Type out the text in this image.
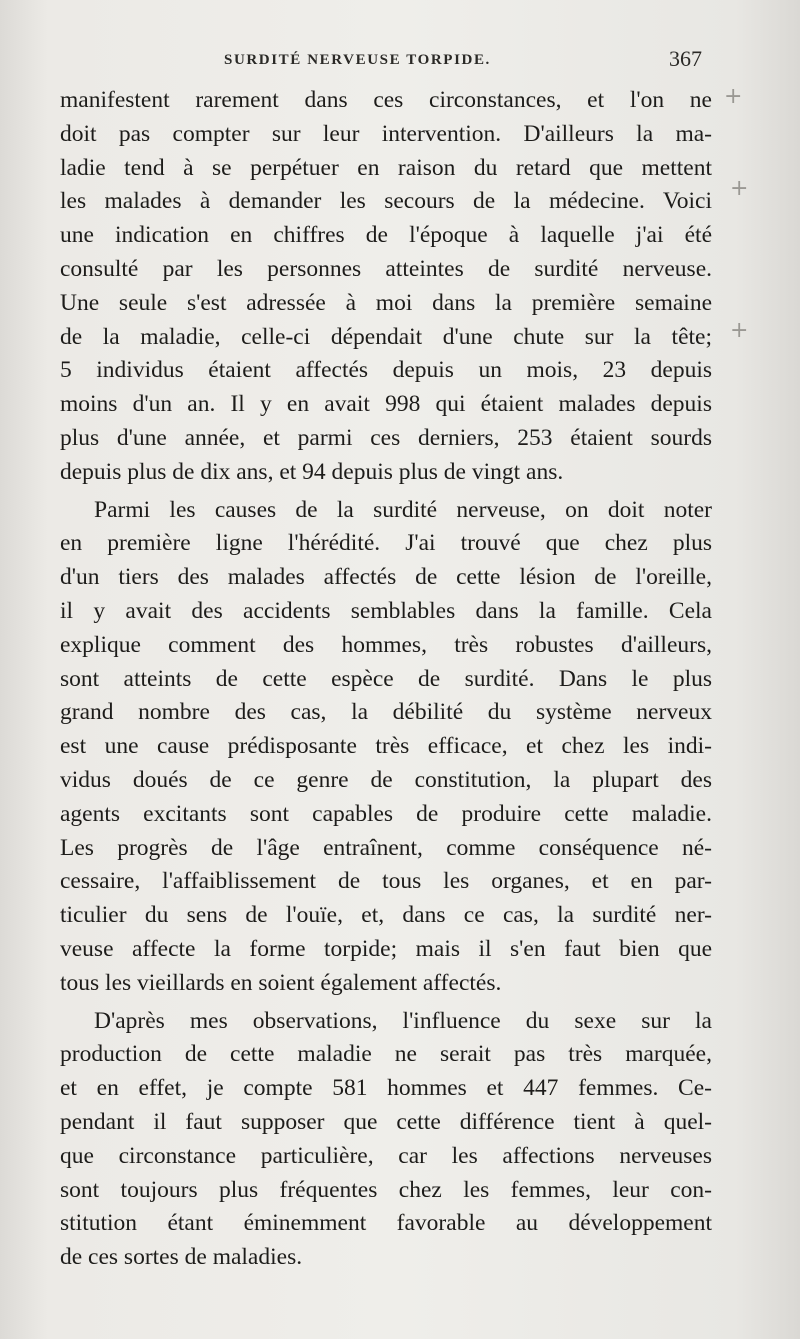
SURDITÉ NERVEUSE TORPIDE.	367
+
+
+
manifestent rarement dans ces circonstances, et l'on ne
doit pas compter sur leur intervention. D'ailleurs la ma-
ladie tend à se perpétuer en raison du retard que mettent
les malades à demander les secours de la médecine. Voici
une indication en chiffres de l'époque à laquelle j'ai été
consulté par les personnes atteintes de surdité nerveuse.
Une seule s'est adressée à moi dans la première semaine
de la maladie, celle-ci dépendait d'une chute sur la tête;
5 individus étaient affectés depuis un mois, 23 depuis
moins d'un an. Il y en avait 998 qui étaient malades depuis
plus d'une année, et parmi ces derniers, 253 étaient sourds
depuis plus de dix ans, et 94 depuis plus de vingt ans.
Parmi les causes de la surdité nerveuse, on doit noter
en première ligne l'hérédité. J'ai trouvé que chez plus
d'un tiers des malades affectés de cette lésion de l'oreille,
il y avait des accidents semblables dans la famille. Cela
explique comment des hommes, très robustes d'ailleurs,
sont atteints de cette espèce de surdité. Dans le plus
grand nombre des cas, la débilité du système nerveux
est une cause prédisposante très efficace, et chez les indi-
vidus doués de ce genre de constitution, la plupart des
agents excitants sont capables de produire cette maladie.
Les progrès de l'âge entraînent, comme conséquence né-
cessaire, l'affaiblissement de tous les organes, et en par-
ticulier du sens de l'ouïe, et, dans ce cas, la surdité ner-
veuse affecte la forme torpide; mais il s'en faut bien que
tous les vieillards en soient également affectés.
D'après mes observations, l'influence du sexe sur la
production de cette maladie ne serait pas très marquée,
et en effet, je compte 581 hommes et 447 femmes. Ce-
pendant il faut supposer que cette différence tient à quel-
que circonstance particulière, car les affections nerveuses
sont toujours plus fréquentes chez les femmes, leur con-
stitution étant éminemment favorable au développement
de ces sortes de maladies.
